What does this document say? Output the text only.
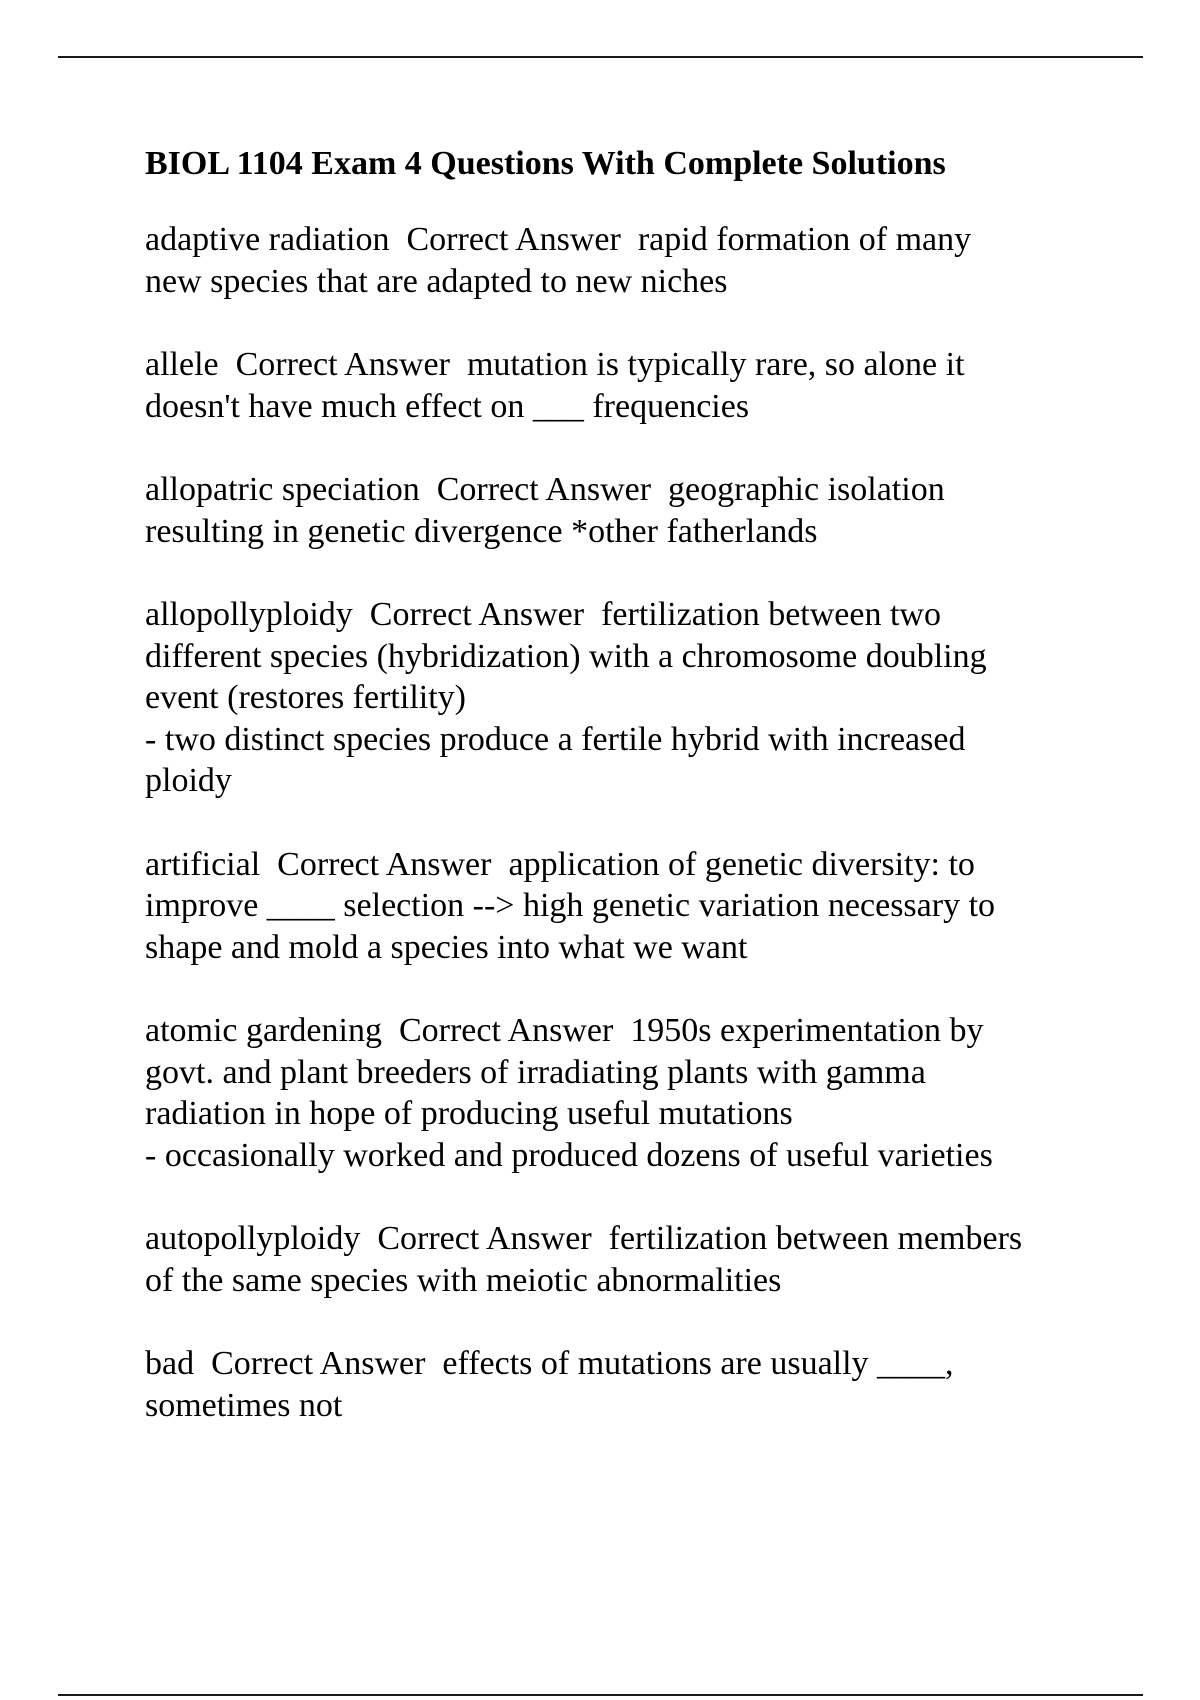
BIOL 1104 Exam 4 Questions With Complete Solutions
adaptive radiation  Correct Answer  rapid formation of many
new species that are adapted to new niches
allele  Correct Answer  mutation is typically rare, so alone it
doesn't have much effect on ___ frequencies
allopatric speciation  Correct Answer  geographic isolation
resulting in genetic divergence *other fatherlands
allopollyploidy  Correct Answer  fertilization between two
different species (hybridization) with a chromosome doubling
event (restores fertility)
- two distinct species produce a fertile hybrid with increased
ploidy
artificial  Correct Answer  application of genetic diversity: to
improve ____ selection --> high genetic variation necessary to
shape and mold a species into what we want
atomic gardening  Correct Answer  1950s experimentation by
govt. and plant breeders of irradiating plants with gamma
radiation in hope of producing useful mutations
- occasionally worked and produced dozens of useful varieties
autopollyploidy  Correct Answer  fertilization between members
of the same species with meiotic abnormalities
bad  Correct Answer  effects of mutations are usually ____,
sometimes not
